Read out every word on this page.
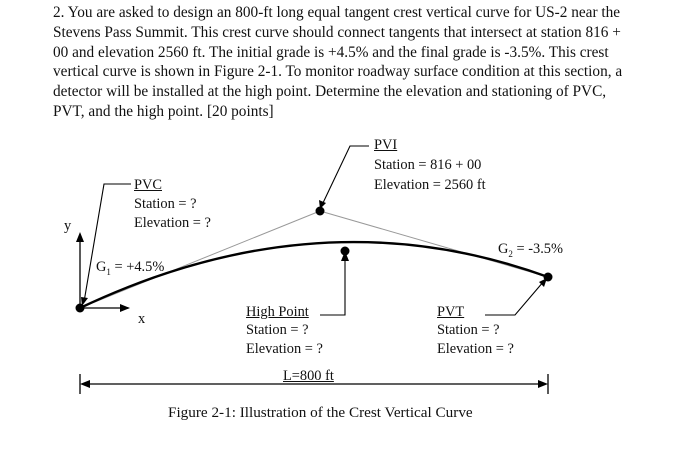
2. You are asked to design an 800-ft long equal tangent crest vertical curve for US-2 near the Stevens Pass Summit. This crest curve should connect tangents that intersect at station 816 + 00 and elevation 2560 ft. The initial grade is +4.5% and the final grade is -3.5%. This crest vertical curve is shown in Figure 2-1. To monitor roadway surface condition at this section, a detector will be installed at the high point. Determine the elevation and stationing of PVC, PVT, and the high point. [20 points]

PVI
Station = 816 + 00
Elevation = 2560 ft
PVC
Station = ?
Elevation = ?
y
x
$G_1 = +4.5\%$
$G_2 = -3.5\%$
High Point
Station = ?
Elevation = ?
PVT
Station = ?
Elevation = ?
L=800 ft
Figure 2-1: Illustration of the Crest Vertical Curve
